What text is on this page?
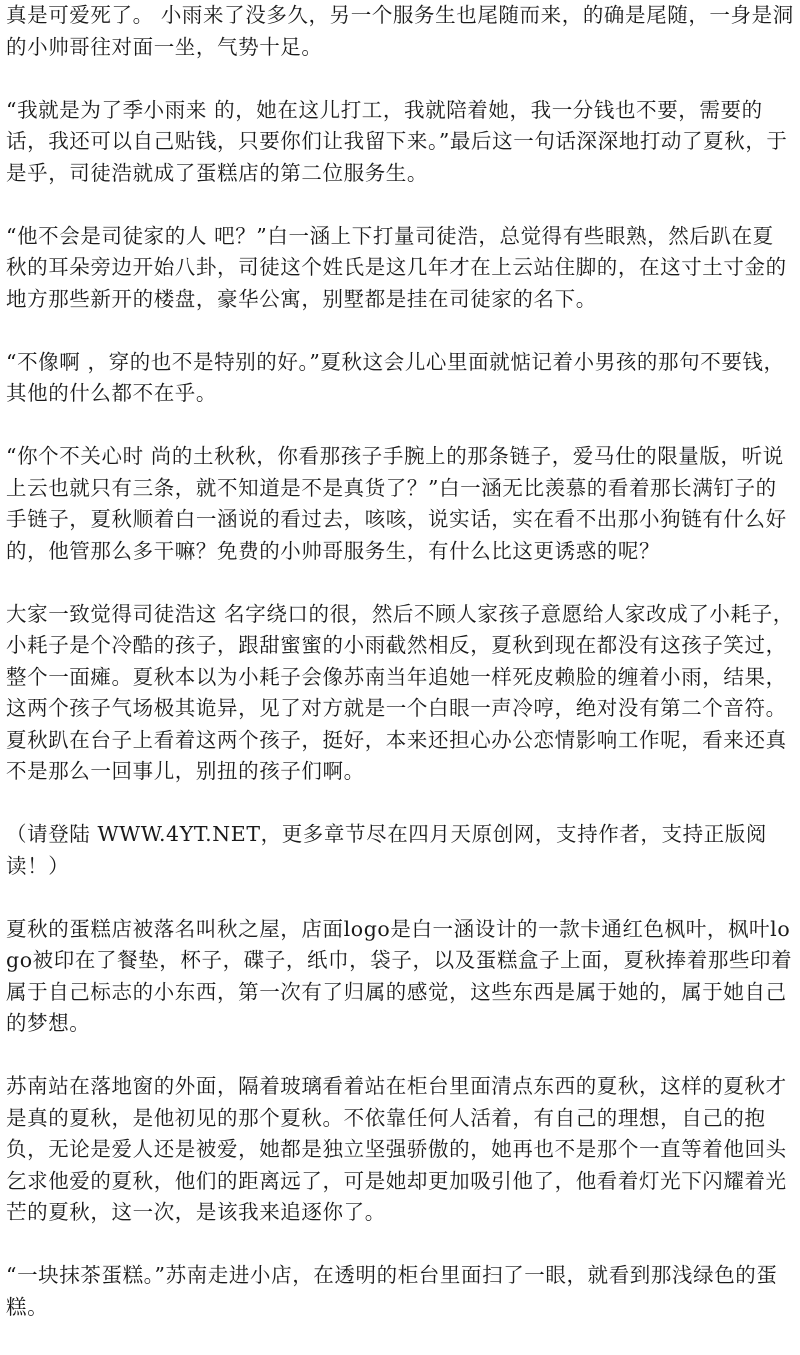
真是可爱死了。 小雨来了没多久，另一个服务生也尾随而来，的确是尾随，一身是洞的小帅哥往对面一坐，气势十足。

“我就是为了季小雨来 的，她在这儿打工，我就陪着她，我一分钱也不要，需要的话，我还可以自己贴钱，只要你们让我留下来。”最后这一句话深深地打动了夏秋，于是乎，司徒浩就成了蛋糕店的第二位服务生。

“他不会是司徒家的人 吧？”白一涵上下打量司徒浩，总觉得有些眼熟，然后趴在夏秋的耳朵旁边开始八卦，司徒这个姓氏是这几年才在上云站住脚的，在这寸土寸金的地方那些新开的楼盘，豪华公寓，别墅都是挂在司徒家的名下。

“不像啊 ，穿的也不是特别的好。”夏秋这会儿心里面就惦记着小男孩的那句不要钱，其他的什么都不在乎。

“你个不关心时 尚的土秋秋，你看那孩子手腕上的那条链子，爱马仕的限量版，听说上云也就只有三条，就不知道是不是真货了？”白一涵无比羡慕的看着那长满钉子的手链子，夏秋顺着白一涵说的看过去，咳咳，说实话，实在看不出那小狗链有什么好的，他管那么多干嘛？免费的小帅哥服务生，有什么比这更诱惑的呢？

大家一致觉得司徒浩这 名字绕口的很，然后不顾人家孩子意愿给人家改成了小耗子，小耗子是个冷酷的孩子，跟甜蜜蜜的小雨截然相反，夏秋到现在都没有这孩子笑过，整个一面瘫。夏秋本以为小耗子会像苏南当年追她一样死皮赖脸的缠着小雨，结果，这两个孩子气场极其诡异，见了对方就是一个白眼一声冷哼，绝对没有第二个音符。夏秋趴在台子上看着这两个孩子，挺好，本来还担心办公恋情影响工作呢，看来还真不是那么一回事儿，别扭的孩子们啊。

（请登陆 WWW.4YT.NET，更多章节尽在四月天原创网，支持作者，支持正版阅读！）

夏秋的蛋糕店被落名叫秋之屋，店面logo是白一涵设计的一款卡通红色枫叶，枫叶logo被印在了餐垫，杯子，碟子，纸巾，袋子，以及蛋糕盒子上面，夏秋捧着那些印着属于自己标志的小东西，第一次有了归属的感觉，这些东西是属于她的，属于她自己的梦想。

苏南站在落地窗的外面，隔着玻璃看着站在柜台里面清点东西的夏秋，这样的夏秋才是真的夏秋，是他初见的那个夏秋。不依靠任何人活着，有自己的理想，自己的抱负，无论是爱人还是被爱，她都是独立坚强骄傲的，她再也不是那个一直等着他回头乞求他爱的夏秋，他们的距离远了，可是她却更加吸引他了，他看着灯光下闪耀着光芒的夏秋，这一次，是该我来追逐你了。

“一块抹茶蛋糕。”苏南走进小店，在透明的柜台里面扫了一眼，就看到那浅绿色的蛋糕。
